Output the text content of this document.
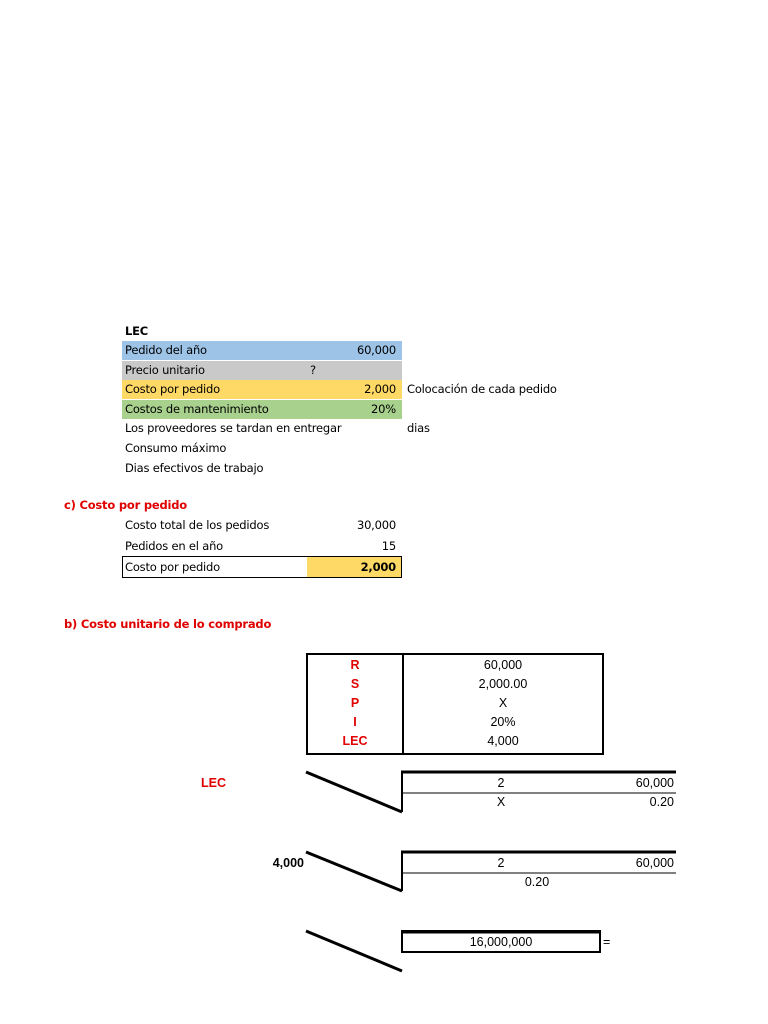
LEC
Pedido del año	60,000
Precio unitario	?
Costo por pedido	2,000 Colocación de cada pedido
Costos de mantenimiento	20%
Los proveedores se tardan en entregar	dias
Consumo máximo
Dias efectivos de trabajo
c) Costo por pedido
Costo total de los pedidos	30,000
Pedidos en el año	15
Costo por pedido	2,000
b) Costo unitario de lo comprado
R	60,000
S	2,000.00
P	X
I	20%
LEC	4,000
LEC	2	60,000
X	0.20
4,000	2	60,000
0.20
16,000,000	=
